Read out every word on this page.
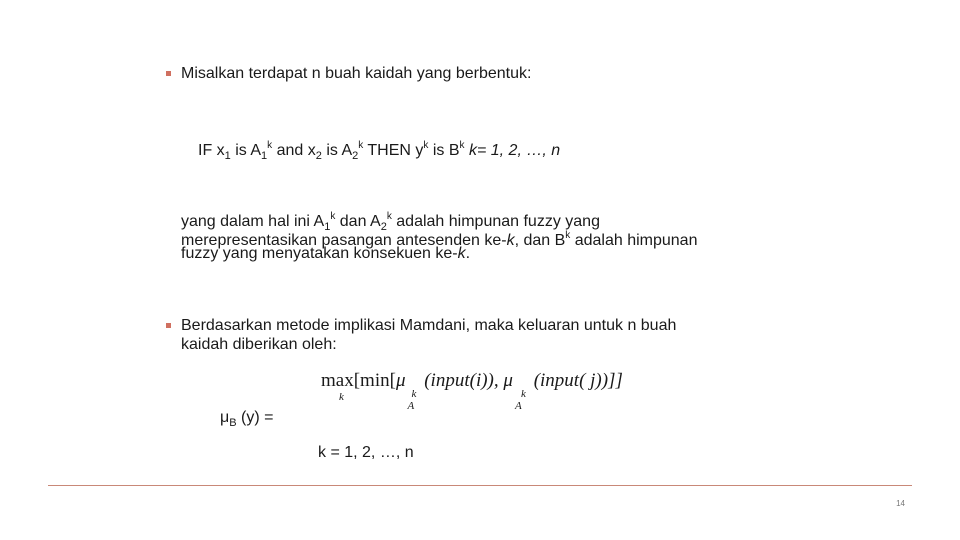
Misalkan terdapat n buah kaidah yang berbentuk:
IF $x_1$ is $A_1^k$ and $x_2$ is $A_2^k$ THEN $y^k$ is $B^k$ k= 1, 2, …, n
yang dalam hal ini $A_1^k$ dan $A_2^k$ adalah himpunan fuzzy yang
merepresentasikan pasangan antesenden ke-k, dan $B^k$ adalah himpunan
fuzzy yang menyatakan konsekuen ke-k.
Berdasarkan metode implikasi Mamdani, maka keluaran untuk n buah
kaidah diberikan oleh:
max[min[μ
A
k
(input(i)), μ
A
k
(input( j))]]
k
$\mu_B$ (y) =
k = 1, 2, …, n
14
